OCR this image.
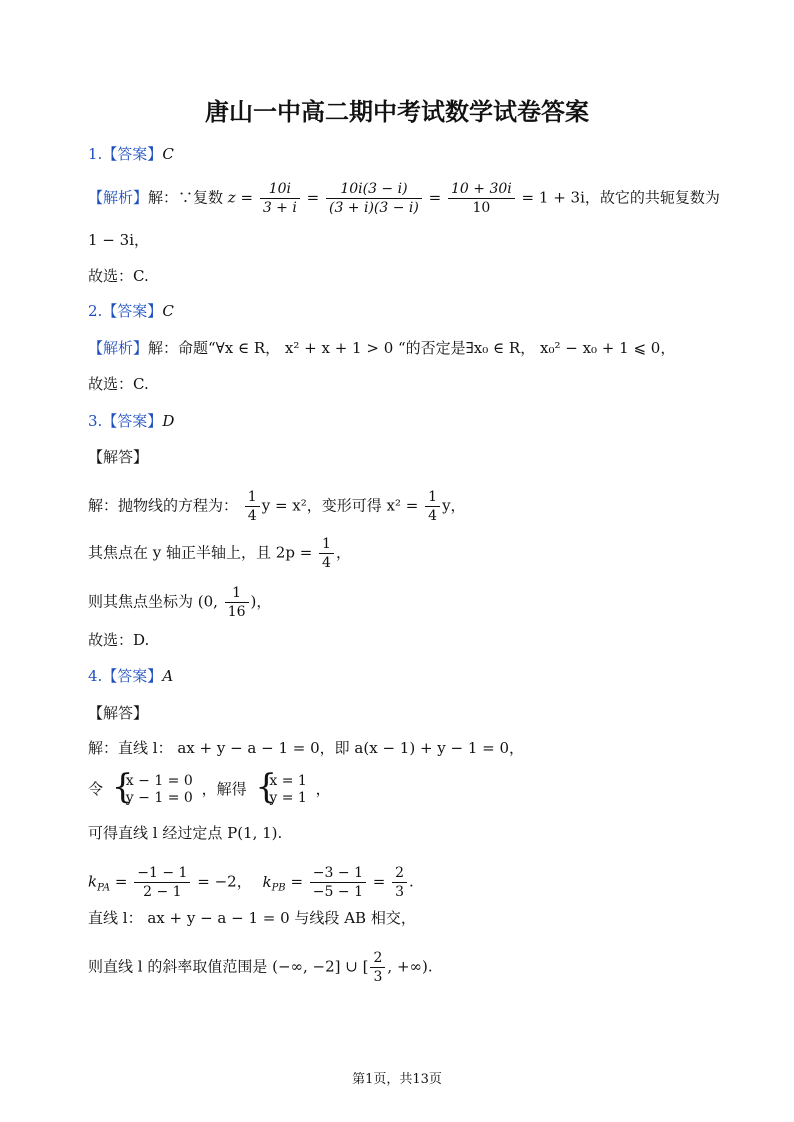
唐山一中高二期中考试数学试卷答案
1.【答案】C
【解析】解：∵复数 $z = \frac{10i}{3 + i} = \frac{10i(3 - i)}{(3 + i)(3 - i)} = \frac{10 + 30i}{10} = 1 + 3i$，故它的共轭复数为
1 − 3i，
故选：C.
2.【答案】C
【解析】解：命题“∀x ∈ R， x² + x + 1 > 0 “的否定是∃x₀ ∈ R， x₀² − x₀ + 1 ⩽ 0，
故选：C.
3.【答案】D
【解答】
解：抛物线的方程为： $\frac{1}{4}$ y = x²，变形可得 $x^2 = \frac{1}{4}$ y，
其焦点在 y 轴正半轴上，且 $2p = \frac{1}{4}$ ，
则其焦点坐标为 (0, $\frac{1}{16}$ )，
故选：D.
4.【答案】A
【解答】
解：直线 l： ax + y − a − 1 = 0，即 a(x − 1) + y − 1 = 0，
令 {
x − 1 = 0
y − 1 = 0 ，解得 {
x = 1
y = 1 ，
可得直线 l 经过定点 P(1, 1).
$k_{PA} = \frac{-1 - 1}{2 - 1} = -2$， $k_{PB} = \frac{-3 - 1}{-5 - 1} = \frac{2}{3}$ .
直线 l： ax + y − a − 1 = 0 与线段 AB 相交，
则直线 l 的斜率取值范围是 (−∞, −2] ∪ [ $\frac{2}{3}$ , +∞).
第1页，共13页
